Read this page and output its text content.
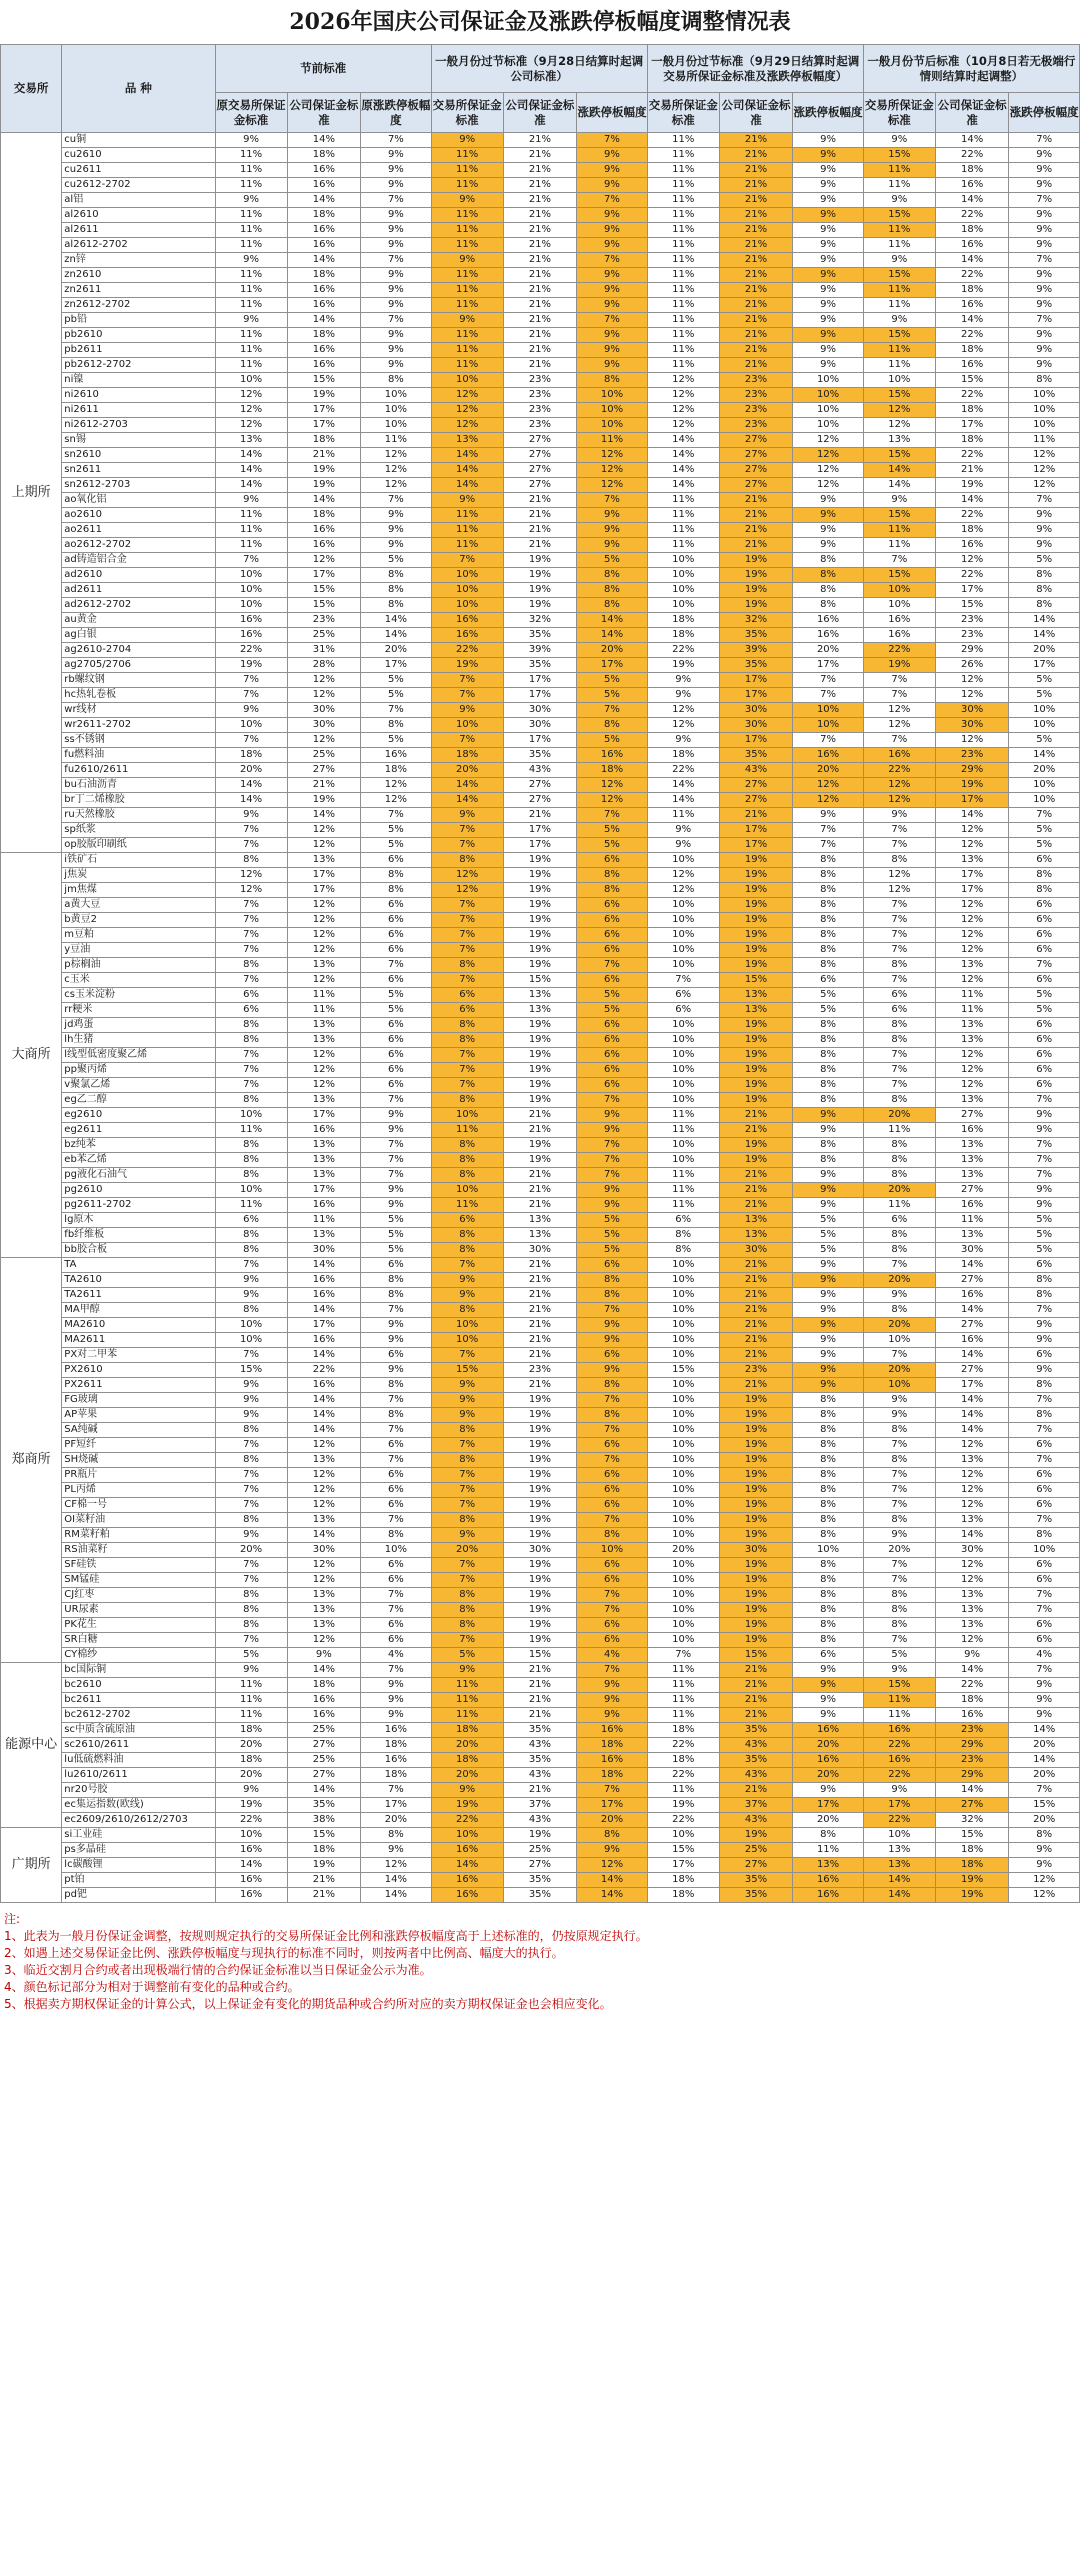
2026年国庆公司保证金及涨跌停板幅度调整情况表
交易所	品 种	节前标准			一般月份过节标准（9月28日结算时起调公司标准）			一般月份过节标准（9月29日结算时起调交易所保证金标准及涨跌停板幅度）			一般月份节后标准（10月8日若无极端行情则结算时起调整）		
		原交易所保证金标准	公司保证金标准	原涨跌停板幅度	交易所保证金标准	公司保证金标准	涨跌停板幅度	交易所保证金标准	公司保证金标准	涨跌停板幅度	交易所保证金标准	公司保证金标准	涨跌停板幅度
上期所	cu铜	9%	14%	7%	9%	21%	7%	11%	21%	9%	9%	14%	7%
	cu2610	11%	18%	9%	11%	21%	9%	11%	21%	9%	15%	22%	9%
	cu2611	11%	16%	9%	11%	21%	9%	11%	21%	9%	11%	18%	9%
	cu2612-2702	11%	16%	9%	11%	21%	9%	11%	21%	9%	11%	16%	9%
	al铝	9%	14%	7%	9%	21%	7%	11%	21%	9%	9%	14%	7%
	al2610	11%	18%	9%	11%	21%	9%	11%	21%	9%	15%	22%	9%
	al2611	11%	16%	9%	11%	21%	9%	11%	21%	9%	11%	18%	9%
	al2612-2702	11%	16%	9%	11%	21%	9%	11%	21%	9%	11%	16%	9%
	zn锌	9%	14%	7%	9%	21%	7%	11%	21%	9%	9%	14%	7%
	zn2610	11%	18%	9%	11%	21%	9%	11%	21%	9%	15%	22%	9%
	zn2611	11%	16%	9%	11%	21%	9%	11%	21%	9%	11%	18%	9%
	zn2612-2702	11%	16%	9%	11%	21%	9%	11%	21%	9%	11%	16%	9%
	pb铅	9%	14%	7%	9%	21%	7%	11%	21%	9%	9%	14%	7%
	pb2610	11%	18%	9%	11%	21%	9%	11%	21%	9%	15%	22%	9%
	pb2611	11%	16%	9%	11%	21%	9%	11%	21%	9%	11%	18%	9%
	pb2612-2702	11%	16%	9%	11%	21%	9%	11%	21%	9%	11%	16%	9%
	ni镍	10%	15%	8%	10%	23%	8%	12%	23%	10%	10%	15%	8%
	ni2610	12%	19%	10%	12%	23%	10%	12%	23%	10%	15%	22%	10%
	ni2611	12%	17%	10%	12%	23%	10%	12%	23%	10%	12%	18%	10%
	ni2612-2703	12%	17%	10%	12%	23%	10%	12%	23%	10%	12%	17%	10%
	sn锡	13%	18%	11%	13%	27%	11%	14%	27%	12%	13%	18%	11%
	sn2610	14%	21%	12%	14%	27%	12%	14%	27%	12%	15%	22%	12%
	sn2611	14%	19%	12%	14%	27%	12%	14%	27%	12%	14%	21%	12%
	sn2612-2703	14%	19%	12%	14%	27%	12%	14%	27%	12%	14%	19%	12%
	ao氧化铝	9%	14%	7%	9%	21%	7%	11%	21%	9%	9%	14%	7%
	ao2610	11%	18%	9%	11%	21%	9%	11%	21%	9%	15%	22%	9%
	ao2611	11%	16%	9%	11%	21%	9%	11%	21%	9%	11%	18%	9%
	ao2612-2702	11%	16%	9%	11%	21%	9%	11%	21%	9%	11%	16%	9%
	ad铸造铝合金	7%	12%	5%	7%	19%	5%	10%	19%	8%	7%	12%	5%
	ad2610	10%	17%	8%	10%	19%	8%	10%	19%	8%	15%	22%	8%
	ad2611	10%	15%	8%	10%	19%	8%	10%	19%	8%	10%	17%	8%
	ad2612-2702	10%	15%	8%	10%	19%	8%	10%	19%	8%	10%	15%	8%
	au黄金	16%	23%	14%	16%	32%	14%	18%	32%	16%	16%	23%	14%
	ag白银	16%	25%	14%	16%	35%	14%	18%	35%	16%	16%	23%	14%
	ag2610-2704	22%	31%	20%	22%	39%	20%	22%	39%	20%	22%	29%	20%
	ag2705/2706	19%	28%	17%	19%	35%	17%	19%	35%	17%	19%	26%	17%
	rb螺纹钢	7%	12%	5%	7%	17%	5%	9%	17%	7%	7%	12%	5%
	hc热轧卷板	7%	12%	5%	7%	17%	5%	9%	17%	7%	7%	12%	5%
	wr线材	9%	30%	7%	9%	30%	7%	12%	30%	10%	12%	30%	10%
	wr2611-2702	10%	30%	8%	10%	30%	8%	12%	30%	10%	12%	30%	10%
	ss不锈钢	7%	12%	5%	7%	17%	5%	9%	17%	7%	7%	12%	5%
	fu燃料油	18%	25%	16%	18%	35%	16%	18%	35%	16%	16%	23%	14%
	fu2610/2611	20%	27%	18%	20%	43%	18%	22%	43%	20%	22%	29%	20%
	bu石油沥青	14%	21%	12%	14%	27%	12%	14%	27%	12%	12%	19%	10%
	br丁二烯橡胶	14%	19%	12%	14%	27%	12%	14%	27%	12%	12%	17%	10%
	ru天然橡胶	9%	14%	7%	9%	21%	7%	11%	21%	9%	9%	14%	7%
	sp纸浆	7%	12%	5%	7%	17%	5%	9%	17%	7%	7%	12%	5%
	op胶版印刷纸	7%	12%	5%	7%	17%	5%	9%	17%	7%	7%	12%	5%
大商所	i铁矿石	8%	13%	6%	8%	19%	6%	10%	19%	8%	8%	13%	6%
	j焦炭	12%	17%	8%	12%	19%	8%	12%	19%	8%	12%	17%	8%
	jm焦煤	12%	17%	8%	12%	19%	8%	12%	19%	8%	12%	17%	8%
	a黄大豆	7%	12%	6%	7%	19%	6%	10%	19%	8%	7%	12%	6%
	b黄豆2	7%	12%	6%	7%	19%	6%	10%	19%	8%	7%	12%	6%
	m豆粕	7%	12%	6%	7%	19%	6%	10%	19%	8%	7%	12%	6%
	y豆油	7%	12%	6%	7%	19%	6%	10%	19%	8%	7%	12%	6%
	p棕榈油	8%	13%	7%	8%	19%	7%	10%	19%	8%	8%	13%	7%
	c玉米	7%	12%	6%	7%	15%	6%	7%	15%	6%	7%	12%	6%
	cs玉米淀粉	6%	11%	5%	6%	13%	5%	6%	13%	5%	6%	11%	5%
	rr粳米	6%	11%	5%	6%	13%	5%	6%	13%	5%	6%	11%	5%
	jd鸡蛋	8%	13%	6%	8%	19%	6%	10%	19%	8%	8%	13%	6%
	lh生猪	8%	13%	6%	8%	19%	6%	10%	19%	8%	8%	13%	6%
	l线型低密度聚乙烯	7%	12%	6%	7%	19%	6%	10%	19%	8%	7%	12%	6%
	pp聚丙烯	7%	12%	6%	7%	19%	6%	10%	19%	8%	7%	12%	6%
	v聚氯乙烯	7%	12%	6%	7%	19%	6%	10%	19%	8%	7%	12%	6%
	eg乙二醇	8%	13%	7%	8%	19%	7%	10%	19%	8%	8%	13%	7%
	eg2610	10%	17%	9%	10%	21%	9%	11%	21%	9%	20%	27%	9%
	eg2611	11%	16%	9%	11%	21%	9%	11%	21%	9%	11%	16%	9%
	bz纯苯	8%	13%	7%	8%	19%	7%	10%	19%	8%	8%	13%	7%
	eb苯乙烯	8%	13%	7%	8%	19%	7%	10%	19%	8%	8%	13%	7%
	pg液化石油气	8%	13%	7%	8%	21%	7%	11%	21%	9%	8%	13%	7%
	pg2610	10%	17%	9%	10%	21%	9%	11%	21%	9%	20%	27%	9%
	pg2611-2702	11%	16%	9%	11%	21%	9%	11%	21%	9%	11%	16%	9%
	lg原木	6%	11%	5%	6%	13%	5%	6%	13%	5%	6%	11%	5%
	fb纤维板	8%	13%	5%	8%	13%	5%	8%	13%	5%	8%	13%	5%
	bb胶合板	8%	30%	5%	8%	30%	5%	8%	30%	5%	8%	30%	5%
郑商所	TA	7%	14%	6%	7%	21%	6%	10%	21%	9%	7%	14%	6%
	TA2610	9%	16%	8%	9%	21%	8%	10%	21%	9%	20%	27%	8%
	TA2611	9%	16%	8%	9%	21%	8%	10%	21%	9%	9%	16%	8%
	MA甲醇	8%	14%	7%	8%	21%	7%	10%	21%	9%	8%	14%	7%
	MA2610	10%	17%	9%	10%	21%	9%	10%	21%	9%	20%	27%	9%
	MA2611	10%	16%	9%	10%	21%	9%	10%	21%	9%	10%	16%	9%
	PX对二甲苯	7%	14%	6%	7%	21%	6%	10%	21%	9%	7%	14%	6%
	PX2610	15%	22%	9%	15%	23%	9%	15%	23%	9%	20%	27%	9%
	PX2611	9%	16%	8%	9%	21%	8%	10%	21%	9%	10%	17%	8%
	FG玻璃	9%	14%	7%	9%	19%	7%	10%	19%	8%	9%	14%	7%
	AP苹果	9%	14%	8%	9%	19%	8%	10%	19%	8%	9%	14%	8%
	SA纯碱	8%	14%	7%	8%	19%	7%	10%	19%	8%	8%	14%	7%
	PF短纤	7%	12%	6%	7%	19%	6%	10%	19%	8%	7%	12%	6%
	SH烧碱	8%	13%	7%	8%	19%	7%	10%	19%	8%	8%	13%	7%
	PR瓶片	7%	12%	6%	7%	19%	6%	10%	19%	8%	7%	12%	6%
	PL丙烯	7%	12%	6%	7%	19%	6%	10%	19%	8%	7%	12%	6%
	CF棉一号	7%	12%	6%	7%	19%	6%	10%	19%	8%	7%	12%	6%
	OI菜籽油	8%	13%	7%	8%	19%	7%	10%	19%	8%	8%	13%	7%
	RM菜籽粕	9%	14%	8%	9%	19%	8%	10%	19%	8%	9%	14%	8%
	RS油菜籽	20%	30%	10%	20%	30%	10%	20%	30%	10%	20%	30%	10%
	SF硅铁	7%	12%	6%	7%	19%	6%	10%	19%	8%	7%	12%	6%
	SM锰硅	7%	12%	6%	7%	19%	6%	10%	19%	8%	7%	12%	6%
	CJ红枣	8%	13%	7%	8%	19%	7%	10%	19%	8%	8%	13%	7%
	UR尿素	8%	13%	7%	8%	19%	7%	10%	19%	8%	8%	13%	7%
	PK花生	8%	13%	6%	8%	19%	6%	10%	19%	8%	8%	13%	6%
	SR白糖	7%	12%	6%	7%	19%	6%	10%	19%	8%	7%	12%	6%
	CY棉纱	5%	9%	4%	5%	15%	4%	7%	15%	6%	5%	9%	4%
能源中心	bc国际铜	9%	14%	7%	9%	21%	7%	11%	21%	9%	9%	14%	7%
	bc2610	11%	18%	9%	11%	21%	9%	11%	21%	9%	15%	22%	9%
	bc2611	11%	16%	9%	11%	21%	9%	11%	21%	9%	11%	18%	9%
	bc2612-2702	11%	16%	9%	11%	21%	9%	11%	21%	9%	11%	16%	9%
	sc中质含硫原油	18%	25%	16%	18%	35%	16%	18%	35%	16%	16%	23%	14%
	sc2610/2611	20%	27%	18%	20%	43%	18%	22%	43%	20%	22%	29%	20%
	lu低硫燃料油	18%	25%	16%	18%	35%	16%	18%	35%	16%	16%	23%	14%
	lu2610/2611	20%	27%	18%	20%	43%	18%	22%	43%	20%	22%	29%	20%
	nr20号胶	9%	14%	7%	9%	21%	7%	11%	21%	9%	9%	14%	7%
	ec集运指数(欧线)	19%	35%	17%	19%	37%	17%	19%	37%	17%	17%	27%	15%
	ec2609/2610/2612/2703	22%	38%	20%	22%	43%	20%	22%	43%	20%	22%	32%	20%
广期所	si工业硅	10%	15%	8%	10%	19%	8%	10%	19%	8%	10%	15%	8%
	ps多晶硅	16%	18%	9%	16%	25%	9%	15%	25%	11%	13%	18%	9%
	lc碳酸锂	14%	19%	12%	14%	27%	12%	17%	27%	13%	13%	18%	9%
	pt铂	16%	21%	14%	16%	35%	14%	18%	35%	16%	14%	19%	12%
	pd钯	16%	21%	14%	16%	35%	14%	18%	35%	16%	14%	19%	12%
注:
1、此表为一般月份保证金调整，按规则规定执行的交易所保证金比例和涨跌停板幅度高于上述标准的，仍按原规定执行。
2、如遇上述交易保证金比例、涨跌停板幅度与现执行的标准不同时，则按两者中比例高、幅度大的执行。
3、临近交割月合约或者出现极端行情的合约保证金标准以当日保证金公示为准。
4、颜色标记部分为相对于调整前有变化的品种或合约。
5、根据卖方期权保证金的计算公式，以上保证金有变化的期货品种或合约所对应的卖方期权保证金也会相应变化。
